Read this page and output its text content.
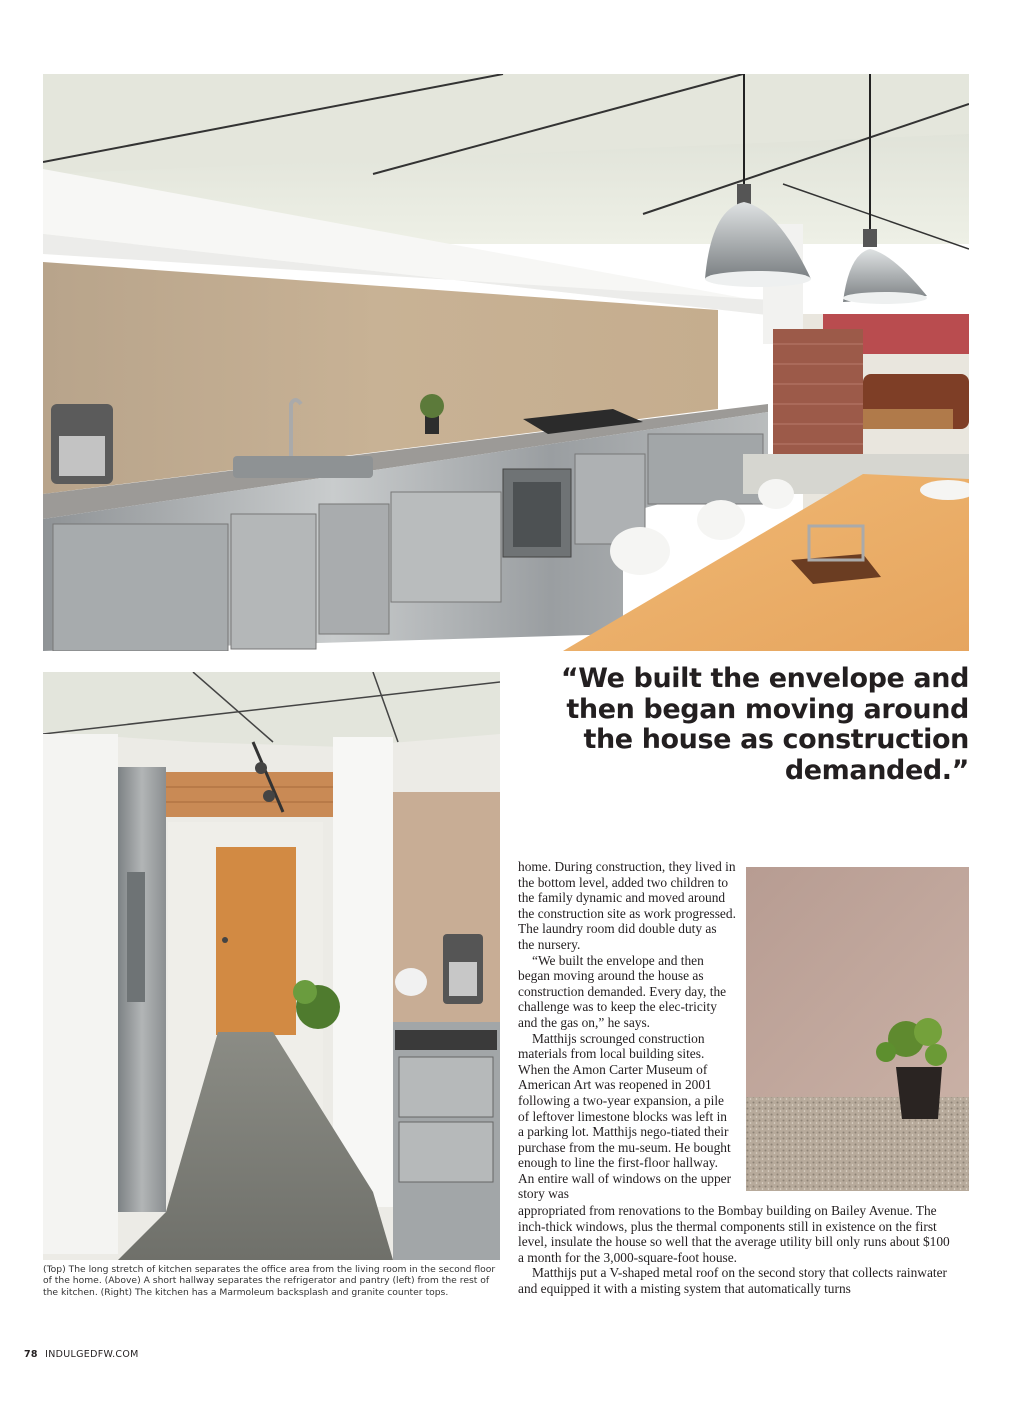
“We built the envelope and then began moving around the house as construction demanded.”

(Top) The long stretch of kitchen separates the office area from the living room in the second floor of the home. (Above) A short hallway separates the refrigerator and pantry (left) from the rest of the kitchen. (Right) The kitchen has a Marmoleum backsplash and granite counter tops.

home. During construction, they lived in the bottom level, added two children to the family dynamic and moved around the construction site as work progressed. The laundry room did double duty as the nursery.

“We built the envelope and then began moving around the house as construction demanded. Every day, the challenge was to keep the elec-tricity and the gas on,” he says.

Matthijs scrounged construction materials from local building sites. When the Amon Carter Museum of American Art was reopened in 2001 following a two-year expansion, a pile of leftover limestone blocks was left in a parking lot. Matthijs nego-tiated their purchase from the mu-seum. He bought enough to line the first-floor hallway. An entire wall of windows on the upper story was

appropriated from renovations to the Bombay building on Bailey Avenue. The inch-thick windows, plus the thermal components still in existence on the first level, insulate the house so well that the average utility bill only runs about $100 a month for the 3,000-square-foot house.

Matthijs put a V-shaped metal roof on the second story that collects rainwater and equipped it with a misting system that automatically turns

78 INDULGEDFW.COM
